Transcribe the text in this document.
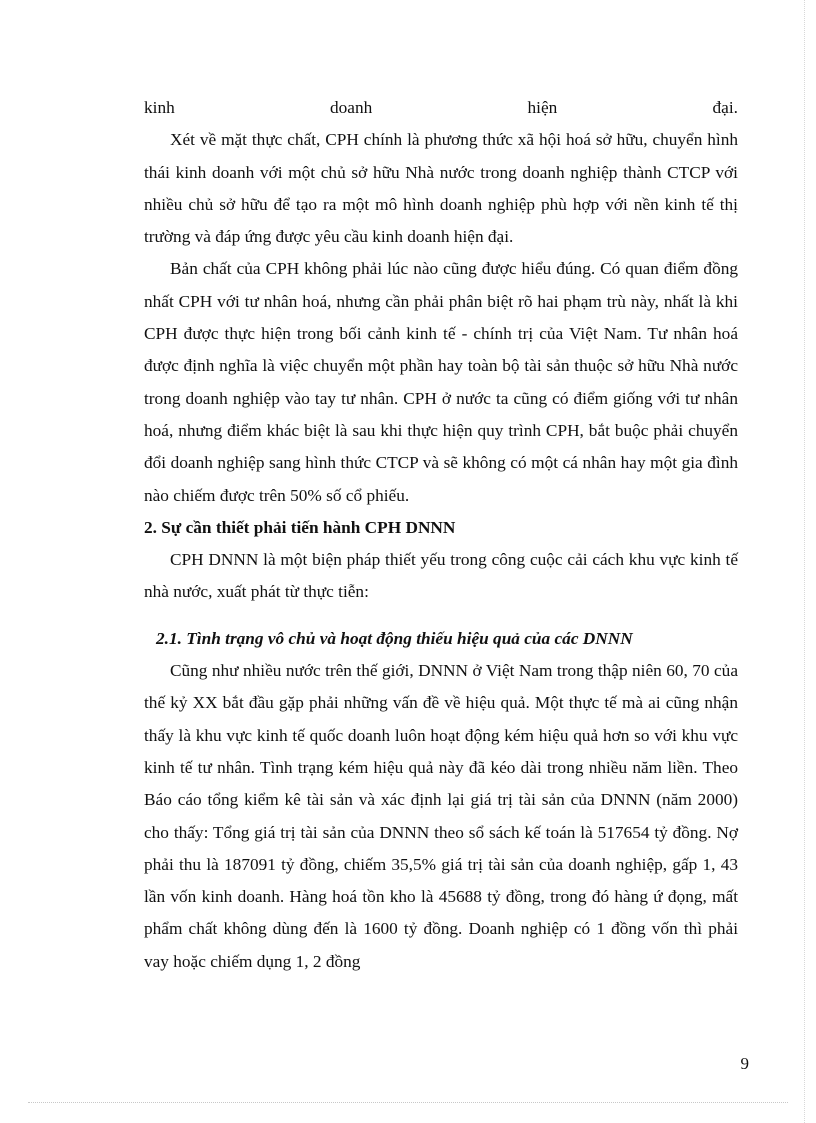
kinh	doanh	hiện	đại.

Xét về mặt thực chất, CPH chính là phương thức xã hội hoá sở hữu, chuyển hình thái kinh doanh với một chủ sở hữu Nhà nước trong doanh nghiệp thành CTCP với nhiều chủ sở hữu để tạo ra một mô hình doanh nghiệp phù hợp với nền kinh tế thị trường và đáp ứng được yêu cầu kinh doanh hiện đại.

Bản chất của CPH không phải lúc nào cũng được hiểu đúng. Có quan điểm đồng nhất CPH với tư nhân hoá, nhưng cần phải phân biệt rõ hai phạm trù này, nhất là khi CPH được thực hiện trong bối cảnh kinh tế - chính trị của Việt Nam. Tư nhân hoá được định nghĩa là việc chuyển một phần hay toàn bộ tài sản thuộc sở hữu Nhà nước trong doanh nghiệp vào tay tư nhân. CPH ở nước ta cũng có điểm giống với tư nhân hoá, nhưng điểm khác biệt là sau khi thực hiện quy trình CPH, bắt buộc phải chuyển đổi doanh nghiệp sang hình thức CTCP và sẽ không có một cá nhân hay một gia đình nào chiếm được trên 50% số cổ phiếu.

2. Sự cần thiết phải tiến hành CPH DNNN

CPH DNNN là một biện pháp thiết yếu trong công cuộc cải cách khu vực kinh tế nhà nước, xuất phát từ thực tiễn:

2.1. Tình trạng vô chủ và hoạt động thiếu hiệu quả của các DNNN

Cũng như nhiều nước trên thế giới, DNNN ở Việt Nam trong thập niên 60, 70 của thế kỷ XX bắt đầu gặp phải những vấn đề về hiệu quả. Một thực tế mà ai cũng nhận thấy là khu vực kinh tế quốc doanh luôn hoạt động kém hiệu quả hơn so với khu vực kinh tế tư nhân. Tình trạng kém hiệu quả này đã kéo dài trong nhiều năm liền. Theo Báo cáo tổng kiểm kê tài sản và xác định lại giá trị tài sản của DNNN (năm 2000) cho thấy: Tổng giá trị tài sản của DNNN theo sổ sách kế toán là 517654 tỷ đồng. Nợ phải thu là 187091 tỷ đồng, chiếm 35,5% giá trị tài sản của doanh nghiệp, gấp 1, 43 lần vốn kinh doanh. Hàng hoá tồn kho là 45688 tỷ đồng, trong đó hàng ứ đọng, mất phẩm chất không dùng đến là 1600 tỷ đồng. Doanh nghiệp có 1 đồng vốn thì phải vay hoặc chiếm dụng 1, 2 đồng

9
